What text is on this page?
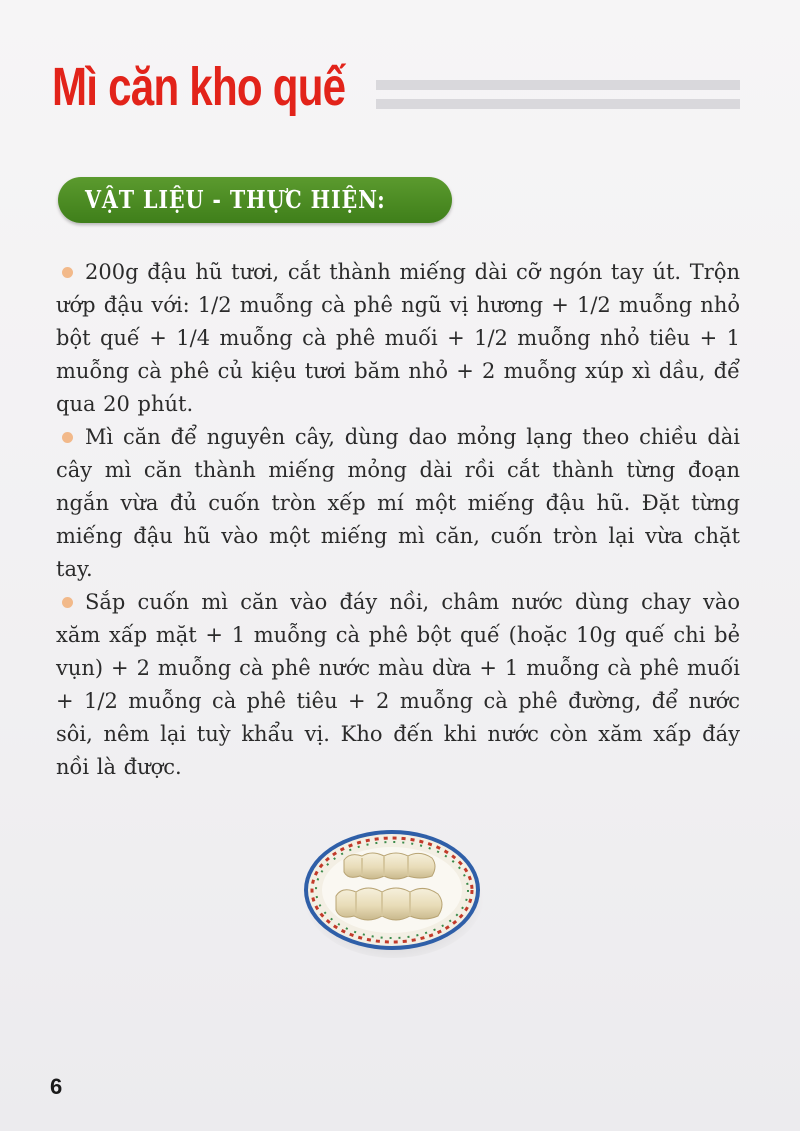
Mì căn kho quế
VẬT LIỆU - THỰC HIỆN:

200g đậu hũ tươi, cắt thành miếng dài cỡ ngón tay út. Trộn ướp đậu với: 1/2 muỗng cà phê ngũ vị hương + 1/2 muỗng nhỏ bột quế + 1/4 muỗng cà phê muối + 1/2 muỗng nhỏ tiêu + 1 muỗng cà phê củ kiệu tươi băm nhỏ + 2 muỗng xúp xì dầu, để qua 20 phút.

Mì căn để nguyên cây, dùng dao mỏng lạng theo chiều dài cây mì căn thành miếng mỏng dài rồi cắt thành từng đoạn ngắn vừa đủ cuốn tròn xếp mí một miếng đậu hũ. Đặt từng miếng đậu hũ vào một miếng mì căn, cuốn tròn lại vừa chặt tay.

Sắp cuốn mì căn vào đáy nồi, châm nước dùng chay vào xăm xấp mặt + 1 muỗng cà phê bột quế (hoặc 10g quế chi bẻ vụn) + 2 muỗng cà phê nước màu dừa + 1 muỗng cà phê muối + 1/2 muỗng cà phê tiêu + 2 muỗng cà phê đường, để nước sôi, nêm lại tuỳ khẩu vị. Kho đến khi nước còn xăm xấp đáy nồi là được.

6
